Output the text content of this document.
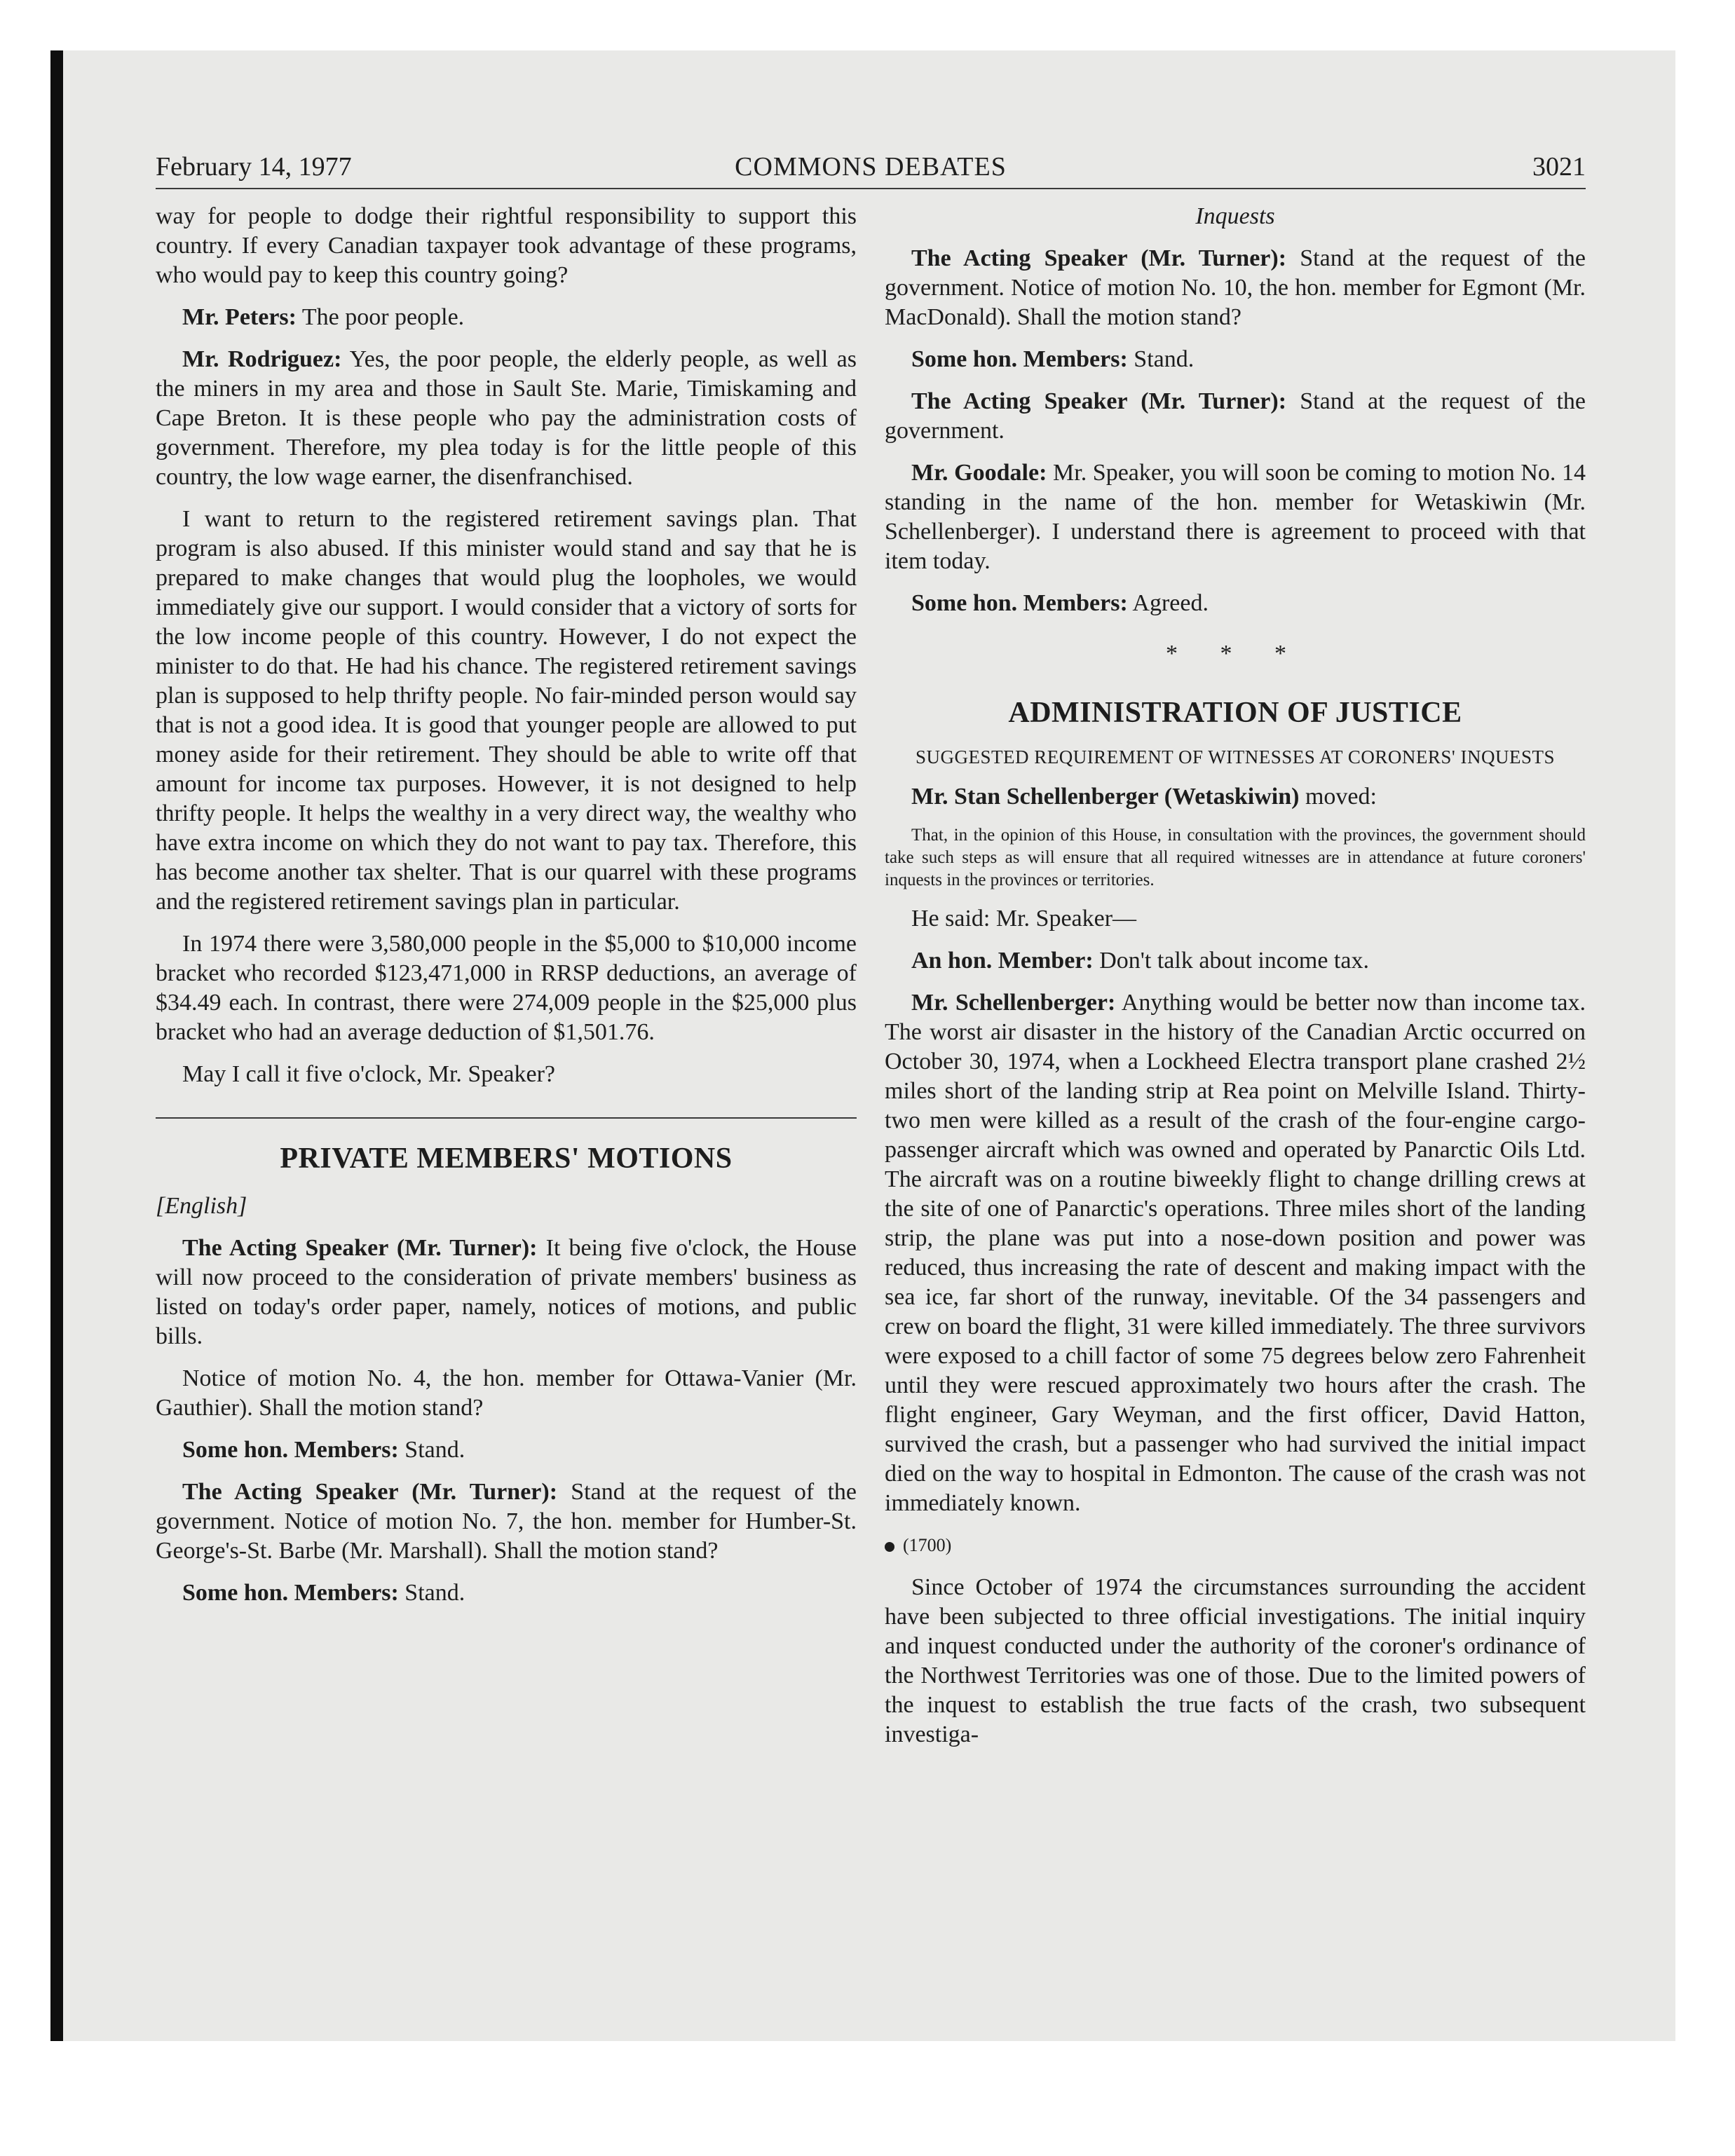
February 14, 1977	COMMONS DEBATES	3021

way for people to dodge their rightful responsibility to support this country. If every Canadian taxpayer took advantage of these programs, who would pay to keep this country going?

Mr. Peters: The poor people.

Mr. Rodriguez: Yes, the poor people, the elderly people, as well as the miners in my area and those in Sault Ste. Marie, Timiskaming and Cape Breton. It is these people who pay the administration costs of government. Therefore, my plea today is for the little people of this country, the low wage earner, the disenfranchised.

I want to return to the registered retirement savings plan. That program is also abused. If this minister would stand and say that he is prepared to make changes that would plug the loopholes, we would immediately give our support. I would consider that a victory of sorts for the low income people of this country. However, I do not expect the minister to do that. He had his chance. The registered retirement savings plan is supposed to help thrifty people. No fair-minded person would say that is not a good idea. It is good that younger people are allowed to put money aside for their retirement. They should be able to write off that amount for income tax purposes. However, it is not designed to help thrifty people. It helps the wealthy in a very direct way, the wealthy who have extra income on which they do not want to pay tax. Therefore, this has become another tax shelter. That is our quarrel with these programs and the registered retirement savings plan in particular.

In 1974 there were 3,580,000 people in the $5,000 to $10,000 income bracket who recorded $123,471,000 in RRSP deductions, an average of $34.49 each. In contrast, there were 274,009 people in the $25,000 plus bracket who had an average deduction of $1,501.76.

May I call it five o'clock, Mr. Speaker?

PRIVATE MEMBERS' MOTIONS

[English]

The Acting Speaker (Mr. Turner): It being five o'clock, the House will now proceed to the consideration of private members' business as listed on today's order paper, namely, notices of motions, and public bills.

Notice of motion No. 4, the hon. member for Ottawa-Vanier (Mr. Gauthier). Shall the motion stand?

Some hon. Members: Stand.

The Acting Speaker (Mr. Turner): Stand at the request of the government. Notice of motion No. 7, the hon. member for Humber-St. George's-St. Barbe (Mr. Marshall). Shall the motion stand?

Some hon. Members: Stand.

Inquests

The Acting Speaker (Mr. Turner): Stand at the request of the government. Notice of motion No. 10, the hon. member for Egmont (Mr. MacDonald). Shall the motion stand?

Some hon. Members: Stand.

The Acting Speaker (Mr. Turner): Stand at the request of the government.

Mr. Goodale: Mr. Speaker, you will soon be coming to motion No. 14 standing in the name of the hon. member for Wetaskiwin (Mr. Schellenberger). I understand there is agreement to proceed with that item today.

Some hon. Members: Agreed.

* * *
ADMINISTRATION OF JUSTICE
SUGGESTED REQUIREMENT OF WITNESSES AT CORONERS' INQUESTS

Mr. Stan Schellenberger (Wetaskiwin) moved:

That, in the opinion of this House, in consultation with the provinces, the government should take such steps as will ensure that all required witnesses are in attendance at future coroners' inquests in the provinces or territories.

He said: Mr. Speaker—

An hon. Member: Don't talk about income tax.

Mr. Schellenberger: Anything would be better now than income tax. The worst air disaster in the history of the Canadian Arctic occurred on October 30, 1974, when a Lockheed Electra transport plane crashed 2½ miles short of the landing strip at Rea point on Melville Island. Thirty-two men were killed as a result of the crash of the four-engine cargo-passenger aircraft which was owned and operated by Panarctic Oils Ltd. The aircraft was on a routine biweekly flight to change drilling crews at the site of one of Panarctic's operations. Three miles short of the landing strip, the plane was put into a nose-down position and power was reduced, thus increasing the rate of descent and making impact with the sea ice, far short of the runway, inevitable. Of the 34 passengers and crew on board the flight, 31 were killed immediately. The three survivors were exposed to a chill factor of some 75 degrees below zero Fahrenheit until they were rescued approximately two hours after the crash. The flight engineer, Gary Weyman, and the first officer, David Hatton, survived the crash, but a passenger who had survived the initial impact died on the way to hospital in Edmonton. The cause of the crash was not immediately known.

(1700)

Since October of 1974 the circumstances surrounding the accident have been subjected to three official investigations. The initial inquiry and inquest conducted under the authority of the coroner's ordinance of the Northwest Territories was one of those. Due to the limited powers of the inquest to establish the true facts of the crash, two subsequent investiga-
